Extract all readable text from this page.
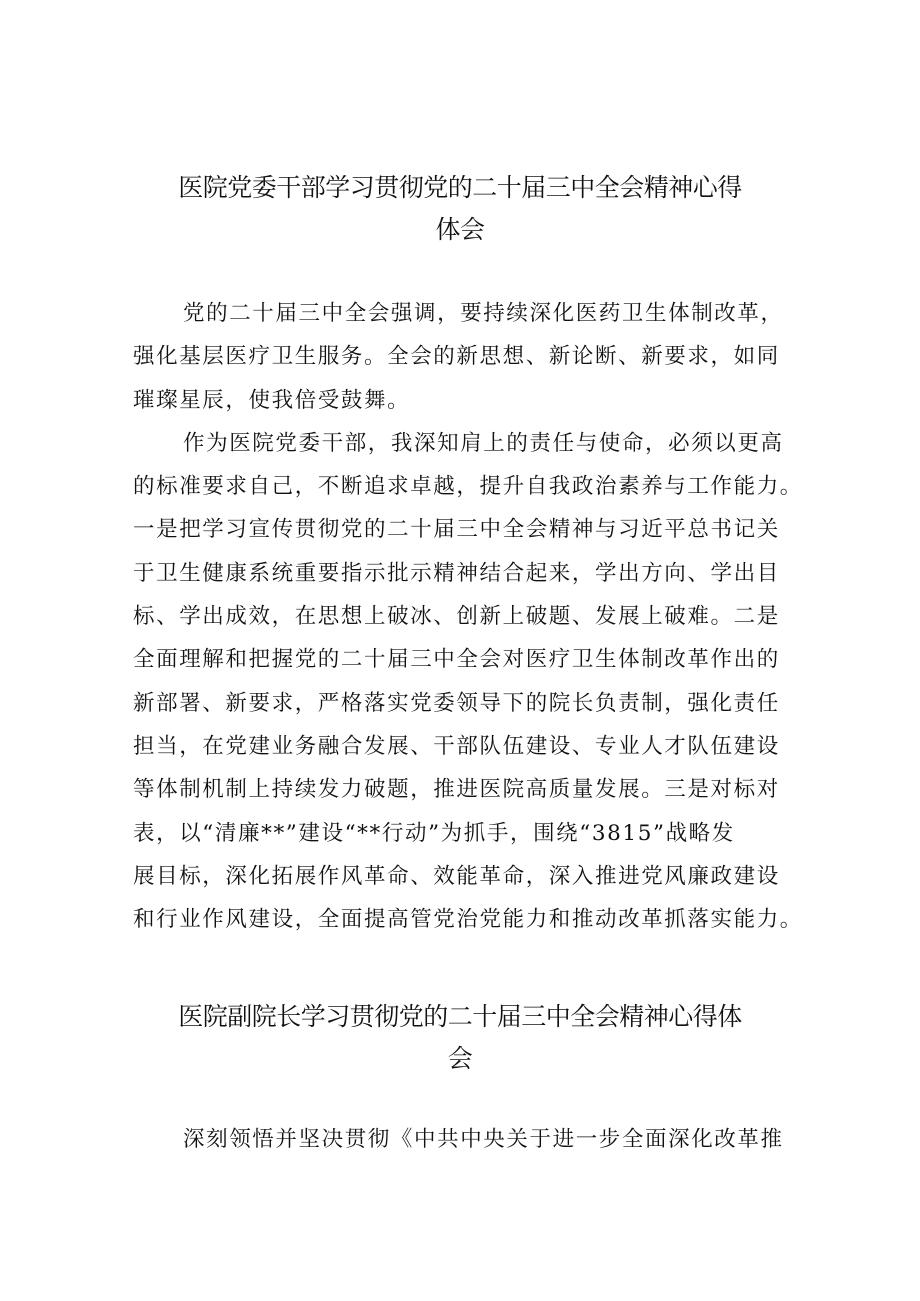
医院党委干部学习贯彻党的二十届三中全会精神心得
体会
党的二十届三中全会强调，要持续深化医药卫生体制改革，
强化基层医疗卫生服务。全会的新思想、新论断、新要求，如同
璀璨星辰，使我倍受鼓舞。
作为医院党委干部，我深知肩上的责任与使命，必须以更高
的标准要求自己，不断追求卓越，提升自我政治素养与工作能力。
一是把学习宣传贯彻党的二十届三中全会精神与习近平总书记关
于卫生健康系统重要指示批示精神结合起来，学出方向、学出目
标、学出成效，在思想上破冰、创新上破题、发展上破难。二是
全面理解和把握党的二十届三中全会对医疗卫生体制改革作出的
新部署、新要求，严格落实党委领导下的院长负责制，强化责任
担当，在党建业务融合发展、干部队伍建设、专业人才队伍建设
等体制机制上持续发力破题，推进医院高质量发展。三是对标对
表，以“清廉**”建设“**行动”为抓手，围绕“3815”战略发
展目标，深化拓展作风革命、效能革命，深入推进党风廉政建设
和行业作风建设，全面提高管党治党能力和推动改革抓落实能力。
医院副院长学习贯彻党的二十届三中全会精神心得体
会
深刻领悟并坚决贯彻《中共中央关于进一步全面深化改革推
